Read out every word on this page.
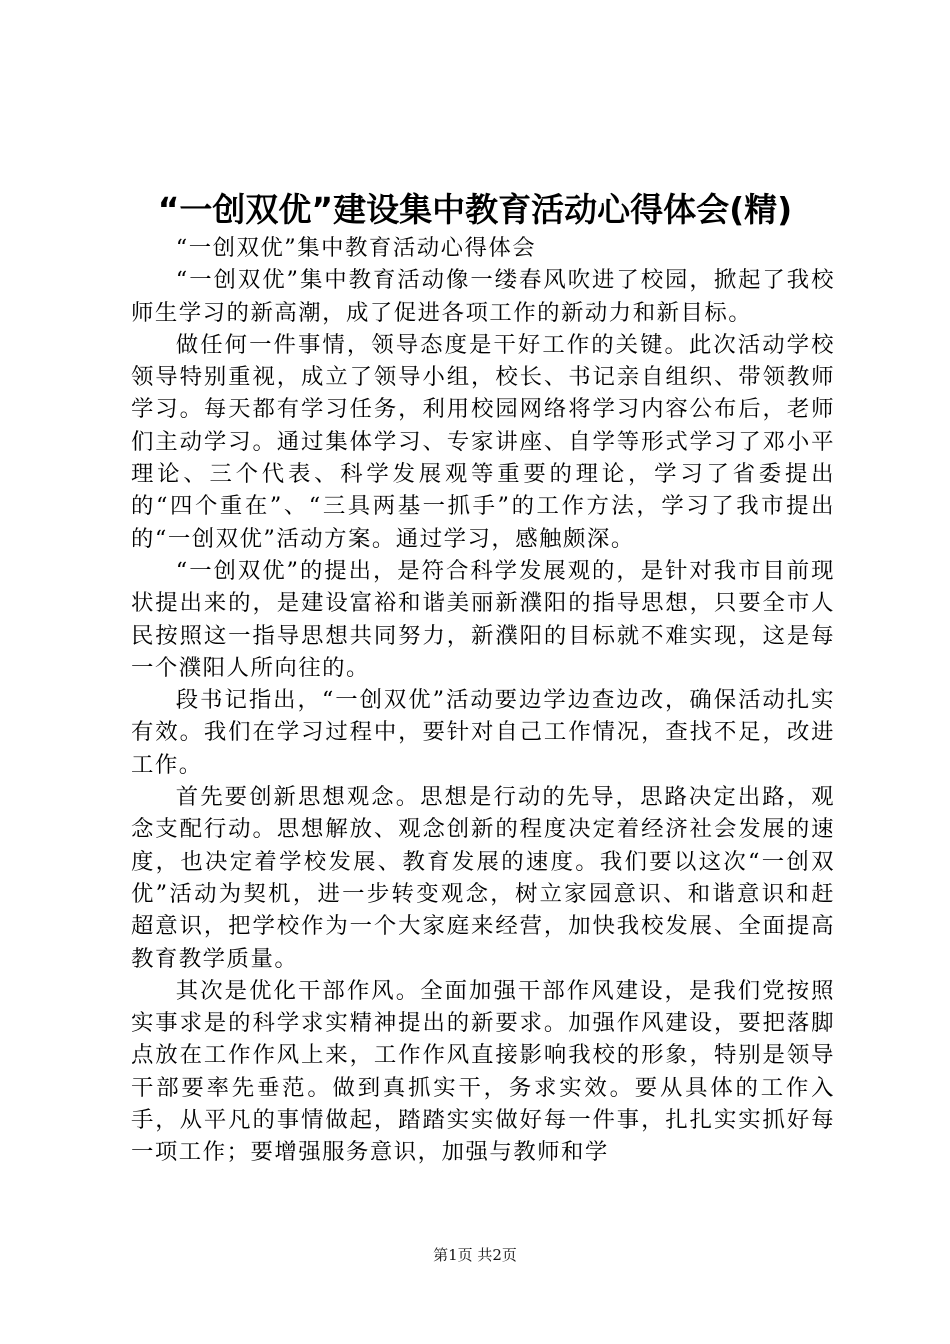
“一创双优”建设集中教育活动心得体会(精)

“一创双优”集中教育活动心得体会

“一创双优”集中教育活动像一缕春风吹进了校园，掀起了我校师生学习的新高潮，成了促进各项工作的新动力和新目标。

做任何一件事情，领导态度是干好工作的关键。此次活动学校领导特别重视，成立了领导小组，校长、书记亲自组织、带领教师学习。每天都有学习任务，利用校园网络将学习内容公布后，老师们主动学习。通过集体学习、专家讲座、自学等形式学习了邓小平理论、三个代表、科学发展观等重要的理论，学习了省委提出的“四个重在”、“三具两基一抓手”的工作方法，学习了我市提出的“一创双优”活动方案。通过学习，感触颇深。

“一创双优”的提出，是符合科学发展观的，是针对我市目前现状提出来的，是建设富裕和谐美丽新濮阳的指导思想，只要全市人民按照这一指导思想共同努力，新濮阳的目标就不难实现，这是每一个濮阳人所向往的。

段书记指出，“一创双优”活动要边学边查边改，确保活动扎实有效。我们在学习过程中，要针对自己工作情况，查找不足，改进工作。

首先要创新思想观念。思想是行动的先导，思路决定出路，观念支配行动。思想解放、观念创新的程度决定着经济社会发展的速度，也决定着学校发展、教育发展的速度。我们要以这次“一创双优”活动为契机，进一步转变观念，树立家园意识、和谐意识和赶超意识，把学校作为一个大家庭来经营，加快我校发展、全面提高教育教学质量。

其次是优化干部作风。全面加强干部作风建设，是我们党按照实事求是的科学求实精神提出的新要求。加强作风建设，要把落脚点放在工作作风上来，工作作风直接影响我校的形象，特别是领导干部要率先垂范。做到真抓实干，务求实效。要从具体的工作入手，从平凡的事情做起，踏踏实实做好每一件事，扎扎实实抓好每一项工作；要增强服务意识，加强与教师和学

第1页 共2页
